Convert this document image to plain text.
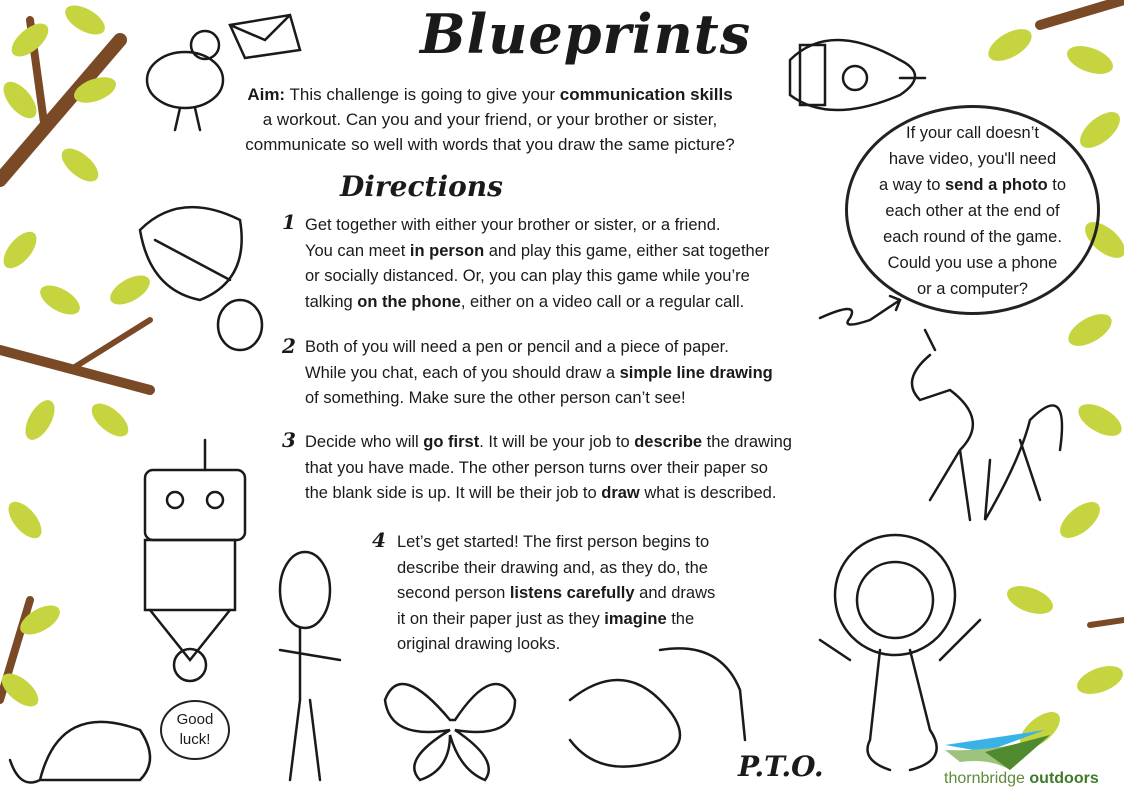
Blueprints
Aim: This challenge is going to give your communication skills
a workout. Can you and your friend, or your brother or sister,
communicate so well with words that you draw the same picture?
Directions
1 Get together with either your brother or sister, or a friend.
You can meet in person and play this game, either sat together
or socially distanced. Or, you can play this game while you’re
talking on the phone, either on a video call or a regular call.
2 Both of you will need a pen or pencil and a piece of paper.
While you chat, each of you should draw a simple line drawing
of something. Make sure the other person can’t see!
3 Decide who will go first. It will be your job to describe the drawing
that you have made. The other person turns over their paper so
the blank side is up. It will be their job to draw what is described.
4 Let’s get started! The first person begins to
describe their drawing and, as they do, the
second person listens carefully and draws
it on their paper just as they imagine the
original drawing looks.
If your call doesn’t
have video, you'll need
a way to send a photo to
each other at the end of
each round of the game.
Could you use a phone
or a computer?
Good
luck!
P.T.O.	thornbridge outdoors
